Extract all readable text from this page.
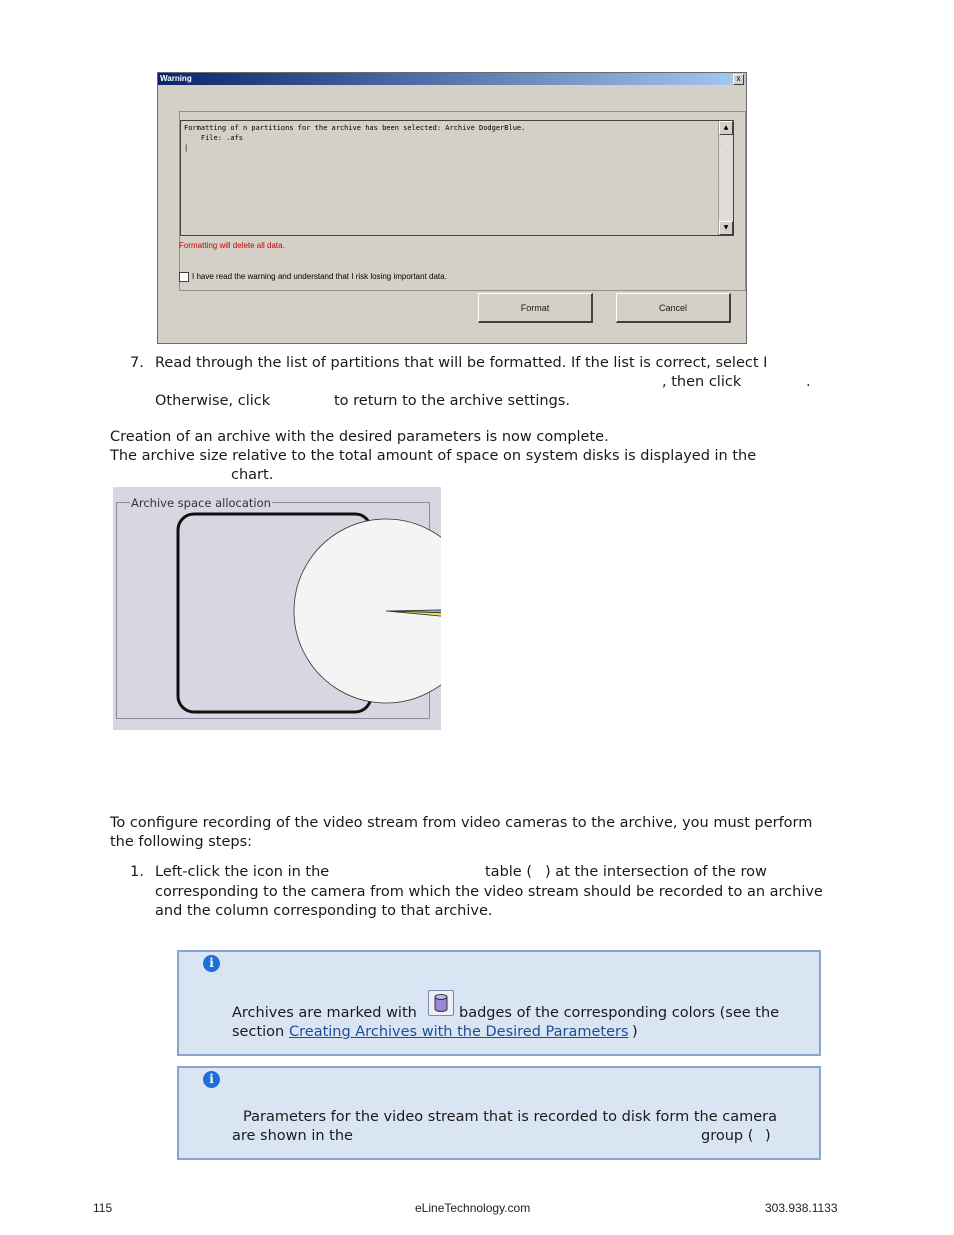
Warning	x
Formatting of n partitions for the archive has been selected: Archive DodgerBlue.
File: .afs
|
▲
▼
Formatting will delete all data.
I have read the warning and understand that I risk losing important data.
Format	Cancel
7. Read through the list of partitions that will be formatted. If the list is correct, select I
, then click	.
Otherwise, click	to return to the archive settings.
Creation of an archive with the desired parameters is now complete.
The archive size relative to the total amount of space on system disks is displayed in the
chart.
Archive space allocation
To configure recording of the video stream from video cameras to the archive, you must perform
the following steps:
1. Left-click the icon in the	table ( ) at the intersection of the row
corresponding to the camera from which the video stream should be recorded to an archive
and the column corresponding to that archive.
i
Archives are marked with	badges of the corresponding colors (see the
section Creating Archives with the Desired Parameters )
i
Parameters for the video stream that is recorded to disk form the camera
are shown in the	group ( )
115	eLineTechnology.com	303.938.1133
